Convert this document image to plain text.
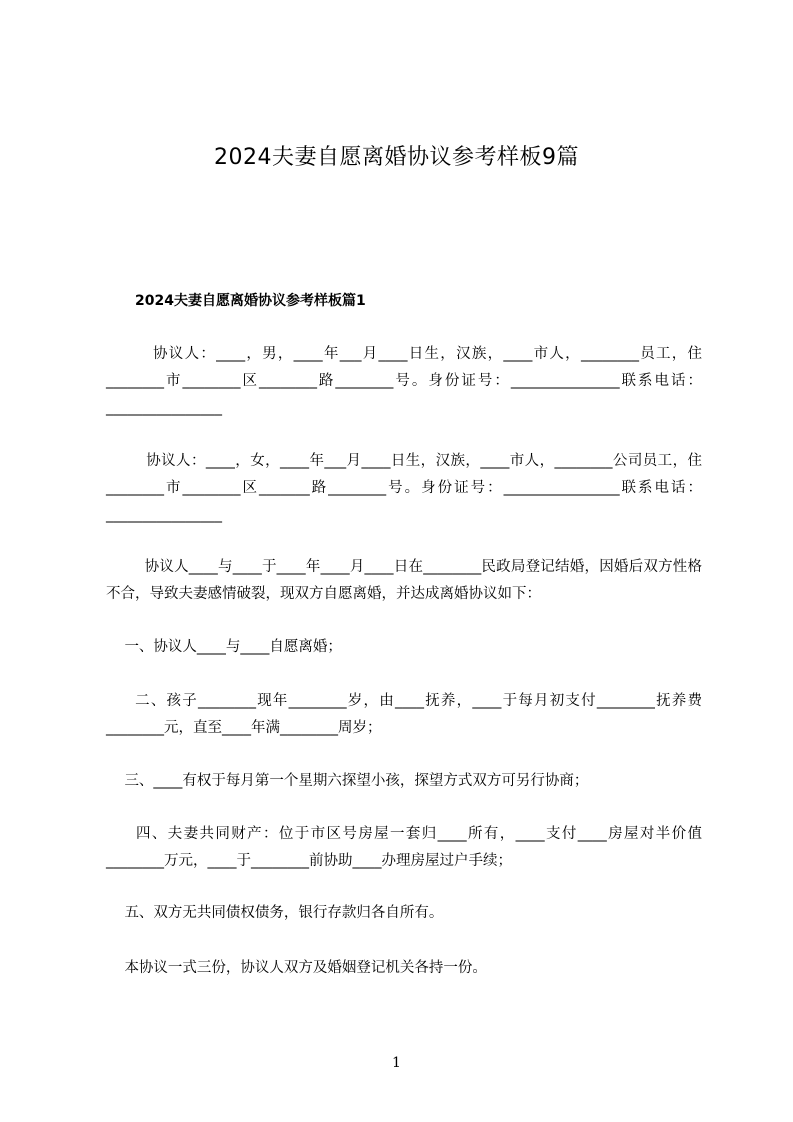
2024夫妻自愿离婚协议参考样板9篇
2024夫妻自愿离婚协议参考样板篇1

协议人：____，男，____年___月____日生，汉族，____市人，________员工，住________市________区________路________号。身份证号：_______________联系电话：________________

协议人：____，女，____年___月____日生，汉族，____市人，________公司员工，住________市________区_______路________号。身份证号：________________联系电话：________________

协议人____与____于____年____月____日在________民政局登记结婚，因婚后双方性格不合，导致夫妻感情破裂，现双方自愿离婚，并达成离婚协议如下：

一、协议人____与____自愿离婚；

二、孩子________现年________岁，由____抚养，____于每月初支付________抚养费________元，直至____年满________周岁；

三、____有权于每月第一个星期六探望小孩，探望方式双方可另行协商；

四、夫妻共同财产：位于市区号房屋一套归____所有，____支付____房屋对半价值________万元，____于________前协助____办理房屋过户手续；

五、双方无共同债权债务，银行存款归各自所有。

本协议一式三份，协议人双方及婚姻登记机关各持一份。

1
